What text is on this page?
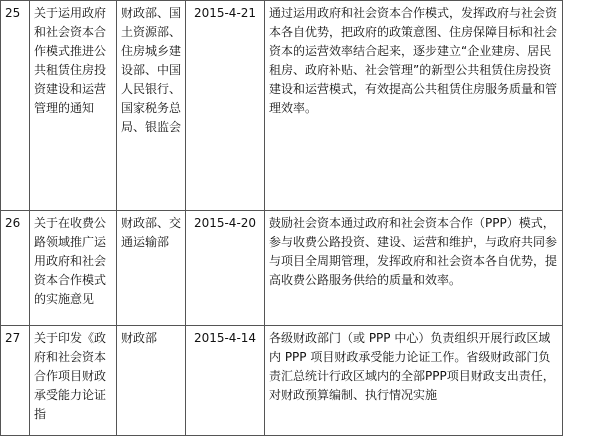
25	关于运用政府和社会资本合作模式推进公共租赁住房投资建设和运营管理的通知	财政部、国土资源部、住房城乡建设部、中国人民银行、国家税务总局、银监会	2015-4-21	通过运用政府和社会资本合作模式，发挥政府与社会资本各自优势，把政府的政策意图、住房保障目标和社会资本的运营效率结合起来，逐步建立“企业建房、居民租房、政府补贴、社会管理”的新型公共租赁住房投资建设和运营模式，有效提高公共租赁住房服务质量和管理效率。
26	关于在收费公路领域推广运用政府和社会资本合作模式的实施意见	财政部、交通运输部	2015-4-20	鼓励社会资本通过政府和社会资本合作（PPP）模式，参与收费公路投资、建设、运营和维护，与政府共同参与项目全周期管理，发挥政府和社会资本各自优势，提高收费公路服务供给的质量和效率。
27	关于印发《政府和社会资本合作项目财政承受能力论证指	财政部	2015-4-14	各级财政部门（或 PPP 中心）负责组织开展行政区域内 PPP 项目财政承受能力论证工作。省级财政部门负责汇总统计行政区域内的全部PPP项目财政支出责任，对财政预算编制、执行情况实施
